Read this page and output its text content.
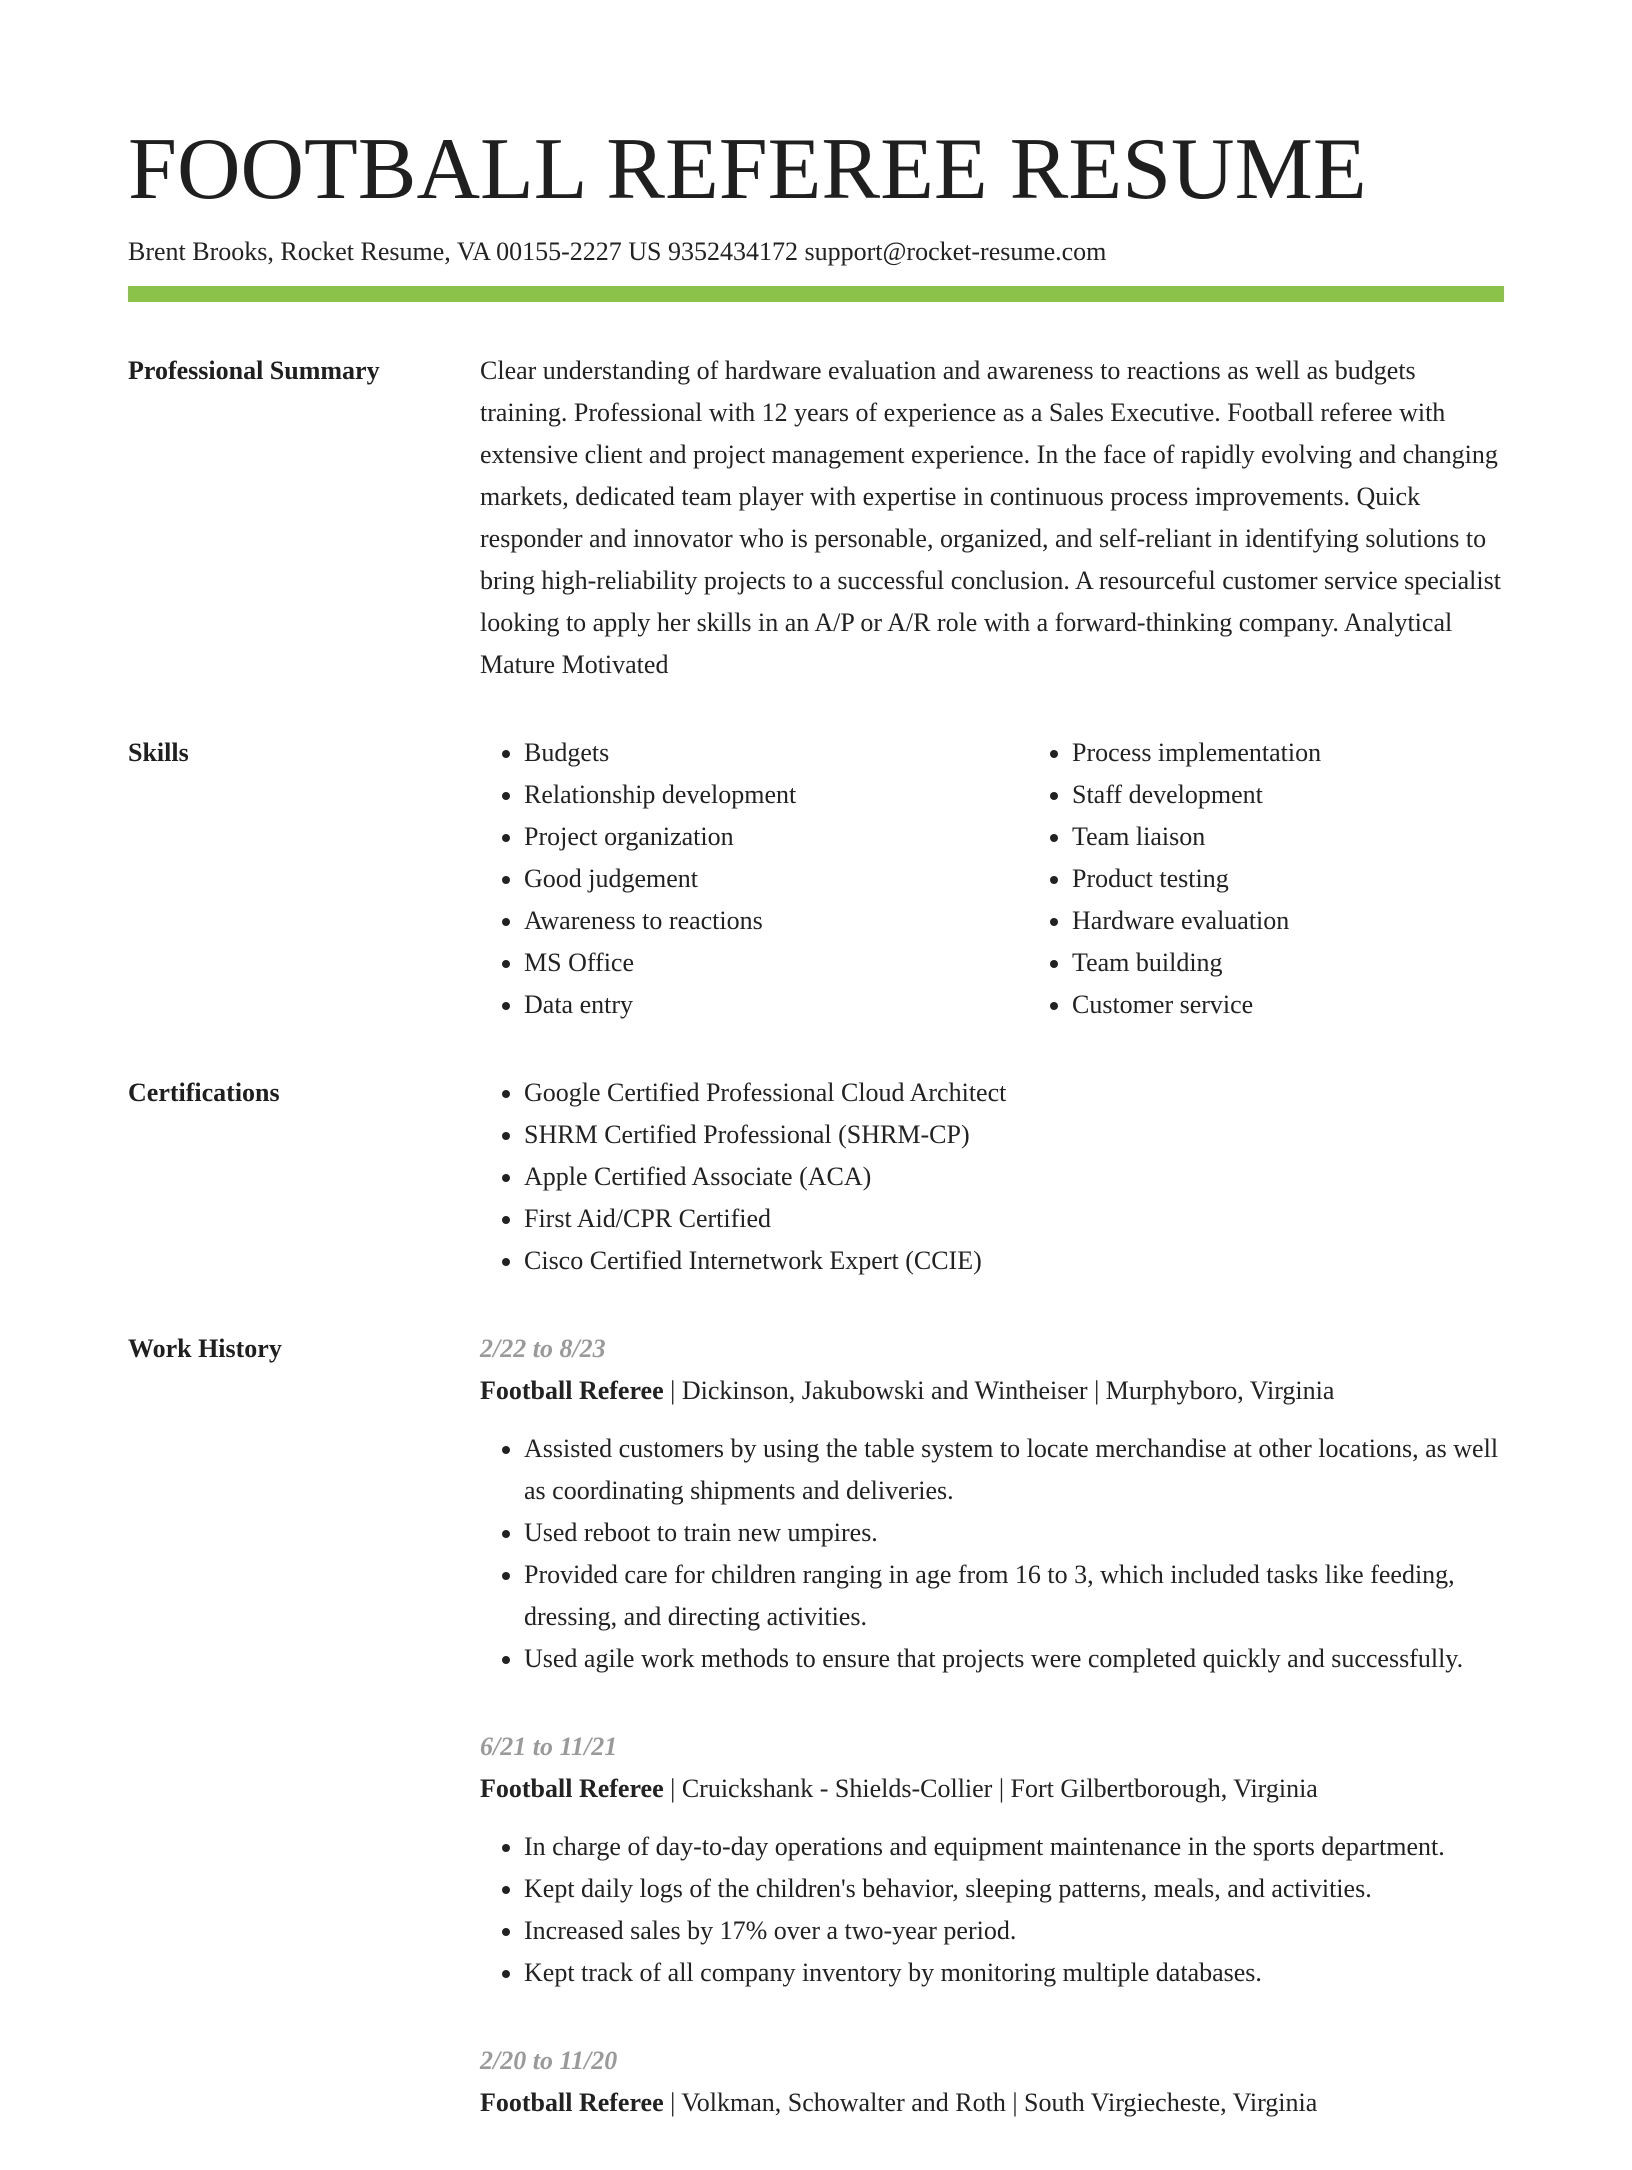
FOOTBALL REFEREE RESUME
Brent Brooks, Rocket Resume, VA 00155-2227 US 9352434172 support@rocket-resume.com
Professional Summary	Clear understanding of hardware evaluation and awareness to reactions as well as budgets training. Professional with 12 years of experience as a Sales Executive. Football referee with extensive client and project management experience. In the face of rapidly evolving and changing markets, dedicated team player with expertise in continuous process improvements. Quick responder and innovator who is personable, organized, and self-reliant in identifying solutions to bring high-reliability projects to a successful conclusion. A resourceful customer service specialist looking to apply her skills in an A/P or A/R role with a forward-thinking company. Analytical Mature Motivated

Skills	• Budgets
• Relationship development
• Project organization
• Good judgement
• Awareness to reactions
• MS Office
• Data entry
• Process implementation
• Staff development
• Team liaison
• Product testing
• Hardware evaluation
• Team building
• Customer service
Certifications	• Google Certified Professional Cloud Architect
• SHRM Certified Professional (SHRM-CP)
• Apple Certified Associate (ACA)
• First Aid/CPR Certified
• Cisco Certified Internetwork Expert (CCIE)
Work History	2/22 to 8/23
Football Referee | Dickinson, Jakubowski and Wintheiser | Murphyboro, Virginia
• Assisted customers by using the table system to locate merchandise at other locations, as well as coordinating shipments and deliveries.
• Used reboot to train new umpires.
• Provided care for children ranging in age from 16 to 3, which included tasks like feeding, dressing, and directing activities.
• Used agile work methods to ensure that projects were completed quickly and successfully.
6/21 to 11/21
Football Referee | Cruickshank - Shields-Collier | Fort Gilbertborough, Virginia
• In charge of day-to-day operations and equipment maintenance in the sports department.
• Kept daily logs of the children's behavior, sleeping patterns, meals, and activities.
• Increased sales by 17% over a two-year period.
• Kept track of all company inventory by monitoring multiple databases.
2/20 to 11/20
Football Referee | Volkman, Schowalter and Roth | South Virgiecheste, Virginia
